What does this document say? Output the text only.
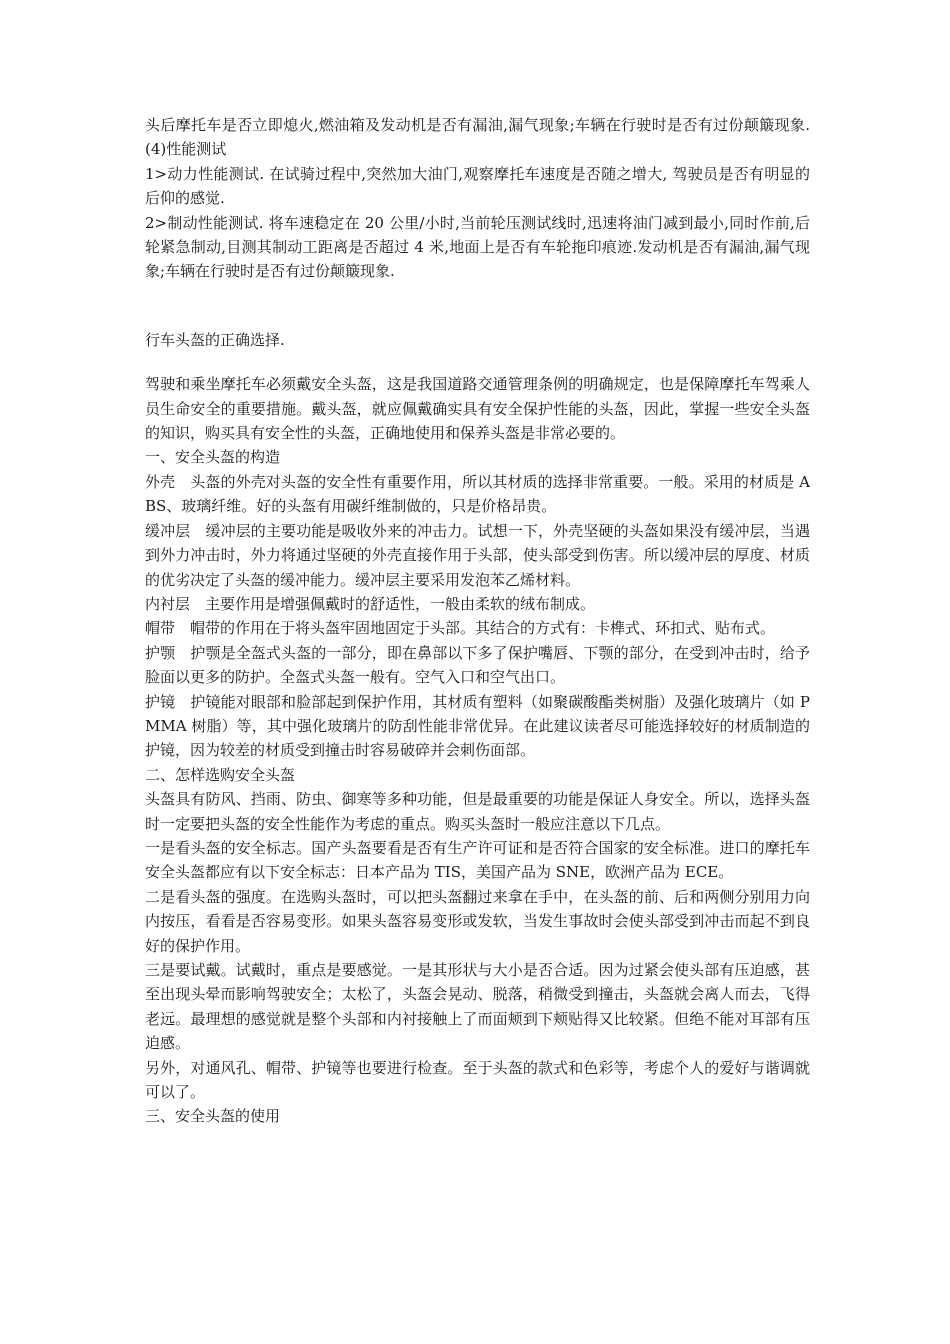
头后摩托车是否立即熄火,燃油箱及发动机是否有漏油,漏气现象;车辆在行驶时是否有过份颠簸现象. (4)性能测试

1>动力性能测试. 在试骑过程中,突然加大油门,观察摩托车速度是否随之增大, 驾驶员是否有明显的后仰的感觉.

2>制动性能测试. 将车速稳定在 20 公里/小时,当前轮压测试线时,迅速将油门减到最小,同时作前,后轮紧急制动,目测其制动工距离是否超过 4 米,地面上是否有车轮拖印痕迹.发动机是否有漏油,漏气现象;车辆在行驶时是否有过份颠簸现象.

行车头盔的正确选择.

驾驶和乘坐摩托车必须戴安全头盔，这是我国道路交通管理条例的明确规定，也是保障摩托车驾乘人员生命安全的重要措施。戴头盔，就应佩戴确实具有安全保护性能的头盔，因此，掌握一些安全头盔的知识，购买具有安全性的头盔，正确地使用和保养头盔是非常必要的。

一、安全头盔的构造

外壳　头盔的外壳对头盔的安全性有重要作用，所以其材质的选择非常重要。一般。采用的材质是 ABS、玻璃纤维。好的头盔有用碳纤维制做的，只是价格昂贵。

缓冲层　缓冲层的主要功能是吸收外来的冲击力。试想一下，外壳坚硬的头盔如果没有缓冲层，当遇到外力冲击时，外力将通过坚硬的外壳直接作用于头部，使头部受到伤害。所以缓冲层的厚度、材质的优劣决定了头盔的缓冲能力。缓冲层主要采用发泡苯乙烯材料。

内衬层　主要作用是增强佩戴时的舒适性，一般由柔软的绒布制成。

帽带　帽带的作用在于将头盔牢固地固定于头部。其结合的方式有：卡榫式、环扣式、贴布式。

护颚　护颚是全盔式头盔的一部分，即在鼻部以下多了保护嘴唇、下颚的部分，在受到冲击时，给予脸面以更多的防护。全盔式头盔一般有。空气入口和空气出口。

护镜　护镜能对眼部和脸部起到保护作用，其材质有塑料（如聚碳酸酯类树脂）及强化玻璃片（如 PMMA 树脂）等，其中强化玻璃片的防刮性能非常优异。在此建议读者尽可能选择较好的材质制造的护镜，因为较差的材质受到撞击时容易破碎并会刺伤面部。

二、怎样选购安全头盔

头盔具有防风、挡雨、防虫、御寒等多种功能，但是最重要的功能是保证人身安全。所以，选择头盔时一定要把头盔的安全性能作为考虑的重点。购买头盔时一般应注意以下几点。

一是看头盔的安全标志。国产头盔要看是否有生产许可证和是否符合国家的安全标准。进口的摩托车安全头盔都应有以下安全标志：日本产品为 TIS，美国产品为 SNE，欧洲产品为 ECE。

二是看头盔的强度。在选购头盔时，可以把头盔翻过来拿在手中，在头盔的前、后和两侧分别用力向内按压，看看是否容易变形。如果头盔容易变形或发软，当发生事故时会使头部受到冲击而起不到良好的保护作用。

三是要试戴。试戴时，重点是要感觉。一是其形状与大小是否合适。因为过紧会使头部有压迫感，甚至出现头晕而影响驾驶安全；太松了，头盔会晃动、脱落，稍微受到撞击，头盔就会离人而去，飞得老远。最理想的感觉就是整个头部和内衬接触上了而面颊到下颊贴得又比较紧。但绝不能对耳部有压迫感。

另外，对通风孔、帽带、护镜等也要进行检查。至于头盔的款式和色彩等，考虑个人的爱好与谐调就可以了。

三、安全头盔的使用
